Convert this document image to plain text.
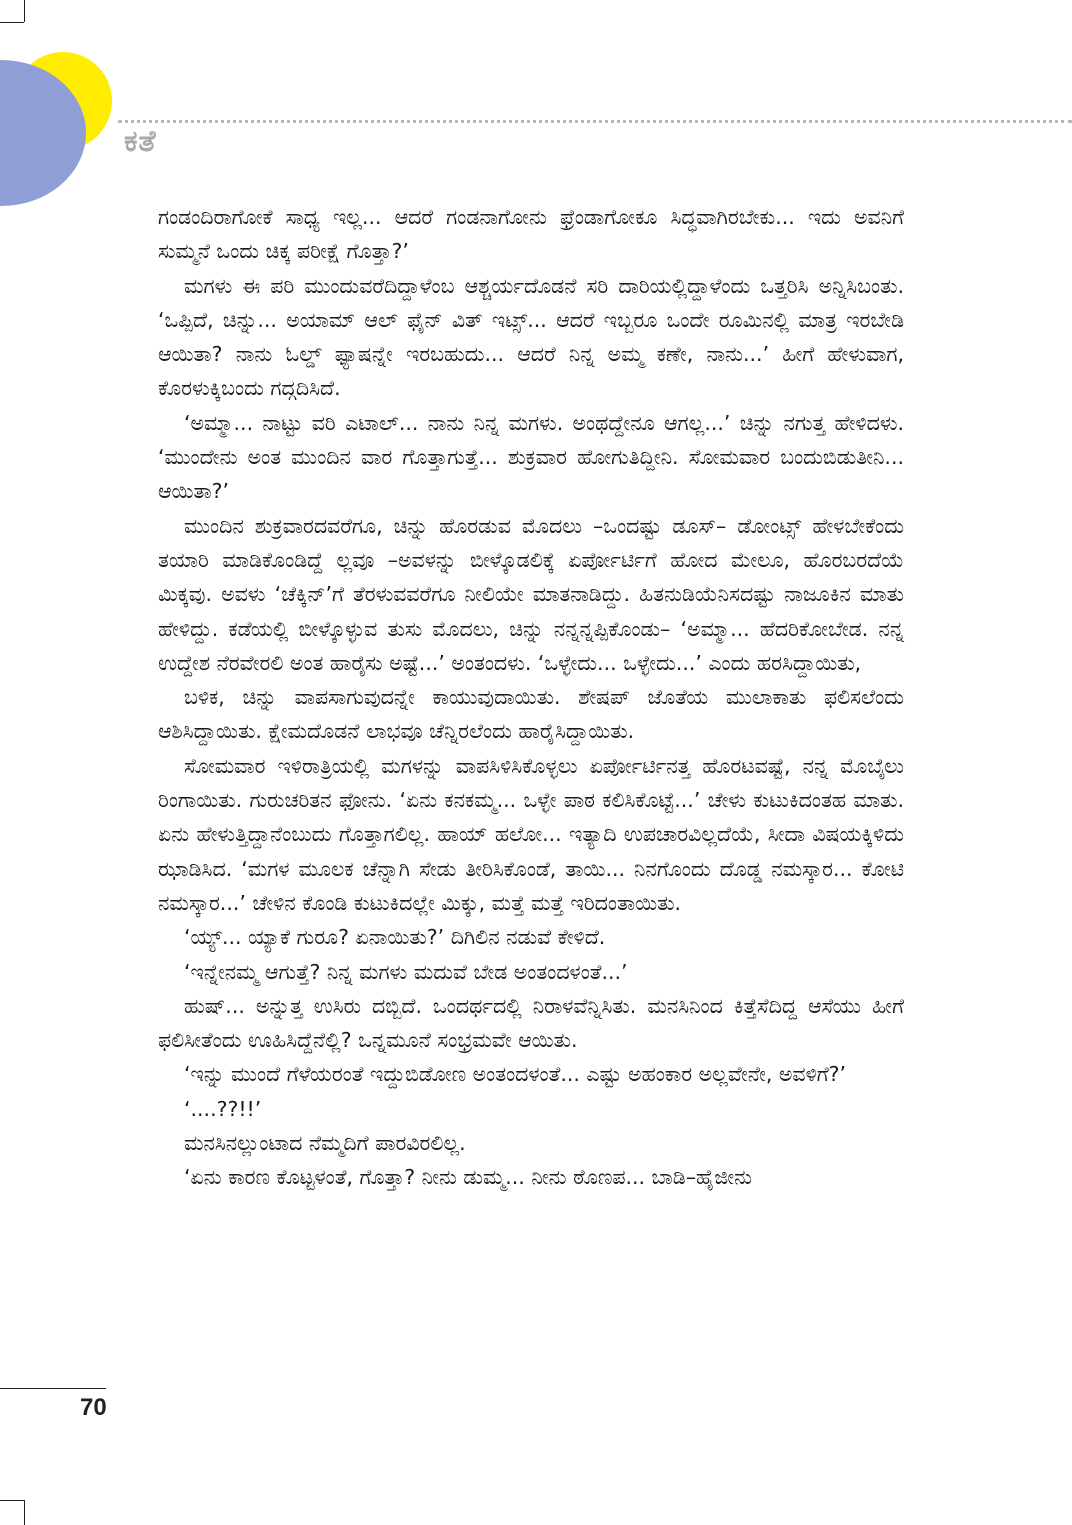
ಕತೆ

ಗಂಡಂದಿರಾಗೋಕೆ ಸಾಧ್ಯ ಇಲ್ಲ... ಆದರೆ ಗಂಡನಾಗೋನು ಫ್ರೆಂಡಾಗೋಕೂ ಸಿದ್ಧವಾಗಿರಬೇಕು... ಇದು ಅವನಿಗೆ ಸುಮ್ಮನೆ ಒಂದು ಚಿಕ್ಕ ಪರೀಕ್ಷೆ ಗೊತ್ತಾ?’

ಮಗಳು ಈ ಪರಿ ಮುಂದುವರೆದಿದ್ದಾಳೆಂಬ ಆಶ್ಚರ್ಯದೊಡನೆ ಸರಿ ದಾರಿಯಲ್ಲಿದ್ದಾಳೆಂದು ಒತ್ತರಿಸಿ ಅನ್ನಿಸಿಬಂತು. ‘ಒಪ್ಪಿದೆ, ಚಿನ್ನು... ಅಯಾಮ್ ಆಲ್ ಫೈನ್ ವಿತ್ ಇಟ್ಸ್... ಆದರೆ ಇಬ್ಬರೂ ಒಂದೇ ರೂಮಿನಲ್ಲಿ ಮಾತ್ರ ಇರಬೇಡಿ ಆಯಿತಾ? ನಾನು ಓಲ್ಡ್ ಫ್ಯಾಷನ್ನೇ ಇರಬಹುದು... ಆದರೆ ನಿನ್ನ ಅಮ್ಮ ಕಣೇ, ನಾನು...’ ಹೀಗೆ ಹೇಳುವಾಗ, ಕೊರಳುಕ್ಕಿಬಂದು ಗದ್ಗದಿಸಿದೆ.

‘ಅಮ್ಮಾ... ನಾಟ್ಟು ವರಿ ಎಟಾಲ್... ನಾನು ನಿನ್ನ ಮಗಳು. ಅಂಥದ್ದೇನೂ ಆಗಲ್ಲ...’ ಚಿನ್ನು ನಗುತ್ತ ಹೇಳಿದಳು. ‘ಮುಂದೇನು ಅಂತ ಮುಂದಿನ ವಾರ ಗೊತ್ತಾಗುತ್ತೆ... ಶುಕ್ರವಾರ ಹೋಗುತಿದ್ದೀನಿ. ಸೋಮವಾರ ಬಂದುಬಿಡುತೀನಿ... ಆಯಿತಾ?’

ಮುಂದಿನ ಶುಕ್ರವಾರದವರೆಗೂ, ಚಿನ್ನು ಹೊರಡುವ ಮೊದಲು –ಒಂದಷ್ಟು ಡೂಸ್– ಡೋಂಟ್ಸ್ ಹೇಳಬೇಕೆಂದು ತಯಾರಿ ಮಾಡಿಕೊಂಡಿದ್ದೆ ಲ್ಲವೂ –ಅವಳನ್ನು ಬೀಳ್ಕೊಡಲಿಕ್ಕೆ ಏರ್ಪೋರ್ಟಿಗೆ ಹೋದ ಮೇಲೂ, ಹೊರಬರದೆಯೆ ಮಿಕ್ಕವು. ಅವಳು ‘ಚೆಕ್ಕಿನ್’ಗೆ ತೆರಳುವವರೆಗೂ ನೀಲಿಯೇ ಮಾತನಾಡಿದ್ದು. ಹಿತನುಡಿಯೆನಿಸದಷ್ಟು ನಾಜೂಕಿನ ಮಾತು ಹೇಳಿದ್ದು. ಕಡೆಯಲ್ಲಿ ಬೀಳ್ಕೊಳ್ಳುವ ತುಸು ಮೊದಲು, ಚಿನ್ನು ನನ್ನನ್ನಪ್ಪಿಕೊಂಡು– ‘ಅಮ್ಮಾ... ಹೆದರಿಕೋಬೇಡ. ನನ್ನ ಉದ್ದೇಶ ನೆರವೇರಲಿ ಅಂತ ಹಾರೈಸು ಅಷ್ಟೆ...’ ಅಂತಂದಳು. ‘ಒಳ್ಳೇದು... ಒಳ್ಳೇದು...’ ಎಂದು ಹರಸಿದ್ದಾಯಿತು,

ಬಳಿಕ, ಚಿನ್ನು ವಾಪಸಾಗುವುದನ್ನೇ ಕಾಯುವುದಾಯಿತು. ಶೇಷಪ್ ಜೊತೆಯ ಮುಲಾಕಾತು ಫಲಿಸಲೆಂದು ಆಶಿಸಿದ್ದಾಯಿತು. ಕ್ಷೇಮದೊಡನೆ ಲಾಭವೂ ಚೆನ್ನಿರಲೆಂದು ಹಾರೈಸಿದ್ದಾಯಿತು.

ಸೋಮವಾರ ಇಳಿರಾತ್ರಿಯಲ್ಲಿ ಮಗಳನ್ನು ವಾಪಸಿಳಿಸಿಕೊಳ್ಳಲು ಏರ್ಪೋರ್ಟಿನತ್ತ ಹೊರಟವಷ್ಟೆ, ನನ್ನ ಮೊಬೈಲು ರಿಂಗಾಯಿತು. ಗುರುಚರಿತನ ಫೋನು. ‘ಏನು ಕನಕಮ್ಮ... ಒಳ್ಳೇ ಪಾಠ ಕಲಿಸಿಕೊಟ್ಟೆ...’ ಚೇಳು ಕುಟುಕಿದಂತಹ ಮಾತು. ಏನು ಹೇಳುತ್ತಿದ್ದಾನೆಂಬುದು ಗೊತ್ತಾಗಲಿಲ್ಲ. ಹಾಯ್ ಹಲೋ... ಇತ್ಯಾದಿ ಉಪಚಾರವಿಲ್ಲದೆಯೆ, ಸೀದಾ ವಿಷಯಕ್ಕಿಳಿದು ಝಾಡಿಸಿದ. ‘ಮಗಳ ಮೂಲಕ ಚೆನ್ನಾಗಿ ಸೇಡು ತೀರಿಸಿಕೊಂಡೆ, ತಾಯಿ... ನಿನಗೊಂದು ದೊಡ್ಡ ನಮಸ್ಕಾರ... ಕೋಟಿ ನಮಸ್ಕಾರ...’ ಚೇಳಿನ ಕೊಂಡಿ ಕುಟುಕಿದಲ್ಲೇ ಮಿಕ್ಕು, ಮತ್ತೆ ಮತ್ತೆ ಇರಿದಂತಾಯಿತು.

‘ಯ್ಯ್... ಯ್ಯಾಕೆ ಗುರೂ? ಏನಾಯಿತು?’ ದಿಗಿಲಿನ ನಡುವೆ ಕೇಳಿದೆ.

‘ಇನ್ನೇನಮ್ಮ ಆಗುತ್ತೆ? ನಿನ್ನ ಮಗಳು ಮದುವೆ ಬೇಡ ಅಂತಂದಳಂತೆ...’

ಹುಷ್... ಅನ್ನುತ್ತ ಉಸಿರು ದಬ್ಬಿದೆ. ಒಂದರ್ಥದಲ್ಲಿ ನಿರಾಳವೆನ್ನಿಸಿತು. ಮನಸಿನಿಂದ ಕಿತ್ತೆಸೆದಿದ್ದ ಆಸೆಯು ಹೀಗೆ ಫಲಿಸೀತೆಂದು ಊಹಿಸಿದ್ದೆನೆಲ್ಲಿ? ಒನ್ನಮೂನೆ ಸಂಭ್ರಮವೇ ಆಯಿತು.

‘ಇನ್ನು ಮುಂದೆ ಗೆಳೆಯರಂತೆ ಇದ್ದುಬಿಡೋಣ ಅಂತಂದಳಂತೆ... ಎಷ್ಟು ಅಹಂಕಾರ ಅಲ್ಲವೇನೇ, ಅವಳಿಗೆ?’

‘....??!!’

ಮನಸಿನಲ್ಲುಂಟಾದ ನೆಮ್ಮದಿಗೆ ಪಾರವಿರಲಿಲ್ಲ.

‘ಏನು ಕಾರಣ ಕೊಟ್ಟಳಂತೆ, ಗೊತ್ತಾ? ನೀನು ಡುಮ್ಮ... ನೀನು ಠೊಣಪ... ಬಾಡಿ–ಹೈಜೀನು

70
